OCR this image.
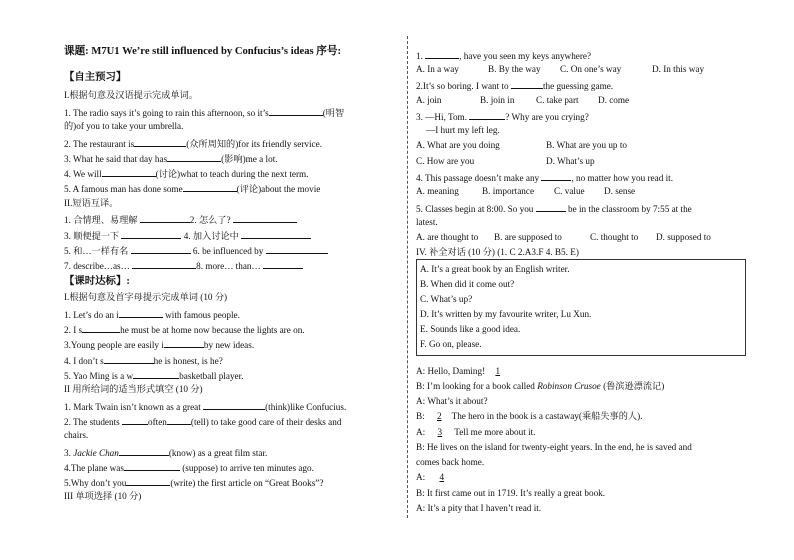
课题: M7U1 We’re still influenced by Confucius’s ideas 序号:
【自主预习】
I.根据句意及汉语提示完成单词。
1. The radio says it’s going to rain this afternoon, so it’s	(明智
的)of you to take your umbrella.
2. The restaurant is	(众所周知的)for its friendly service.
3. What he said that day has	(影响)me a lot.
4. We will	(讨论)what to teach during the next term.
5. A famous man has done some	(评论)about the movie
II.短语互译。
1. 合情理、易理解	2. 怎么了?
3. 顺便提一下	4. 加入讨论中
5. 和…一样有名	6. be influenced by
7. describe…as…	8. more… than…
【课时达标】:
I.根据句意及首字母提示完成单词 (10 分)
1. Let’s do an i	with famous people.
2. I s	he must be at home now because the lights are on.
3.Young people are easily i	by new ideas.
4. I don’t s	he is honest, is he?
5. Yao Ming is a w	basketball player.
II 用所给词的适当形式填空 (10 分)
1. Mark Twain isn’t known as a great	(think)like Confucius.
2. The students	often	(tell) to take good care of their desks and
chairs.
3. Jackie Chan	(know) as a great film star.
4.The plane was	(suppose) to arrive ten minutes ago.
5.Why don’t you	(write) the first article on “Great Books”?
III 单项选择 (10 分)
1.	, have you seen my keys anywhere?
A. In a way	B. By the way C. On one’s way	D. In this way
2.It’s so boring. I want to	the guessing game.
A. join	B. join in C. take part D. come
3. —Hi, Tom.	? Why are you crying?
—I hurt my left leg.
A. What are you doing	B. What are you up to
C. How are you	D. What’s up
4. This passage doesn’t make any	, no matter how you read it.
A. meaning	B. importance C. value D. sense
5. Classes begin at 8:00. So you	be in the classroom by 7:55 at the
latest.
A. are thought to B. are supposed to	C. thought to D. supposed to
IV. 补全对话 (10 分) (1. C 2.A3.F 4. B5. E)
A. It’s a great book by an English writer.
B. When did it come out?
C. What’s up?
D. It’s written by my favourite writer, Lu Xun.
E. Sounds like a good idea.
F. Go on, please.
A: Hello, Daming! 1
B: I’m looking for a book called Robinson Crusoe (鲁滨逊漂流记)
A: What’s it about?
B: 2 The hero in the book is a castaway(乘船失事的人).
A: 3 Tell me more about it.
B: He lives on the island for twenty-eight years. In the end, he is saved and
comes back home.
A: 4
B: It first came out in 1719. It’s really a great book.
A: It’s a pity that I haven’t read it.
